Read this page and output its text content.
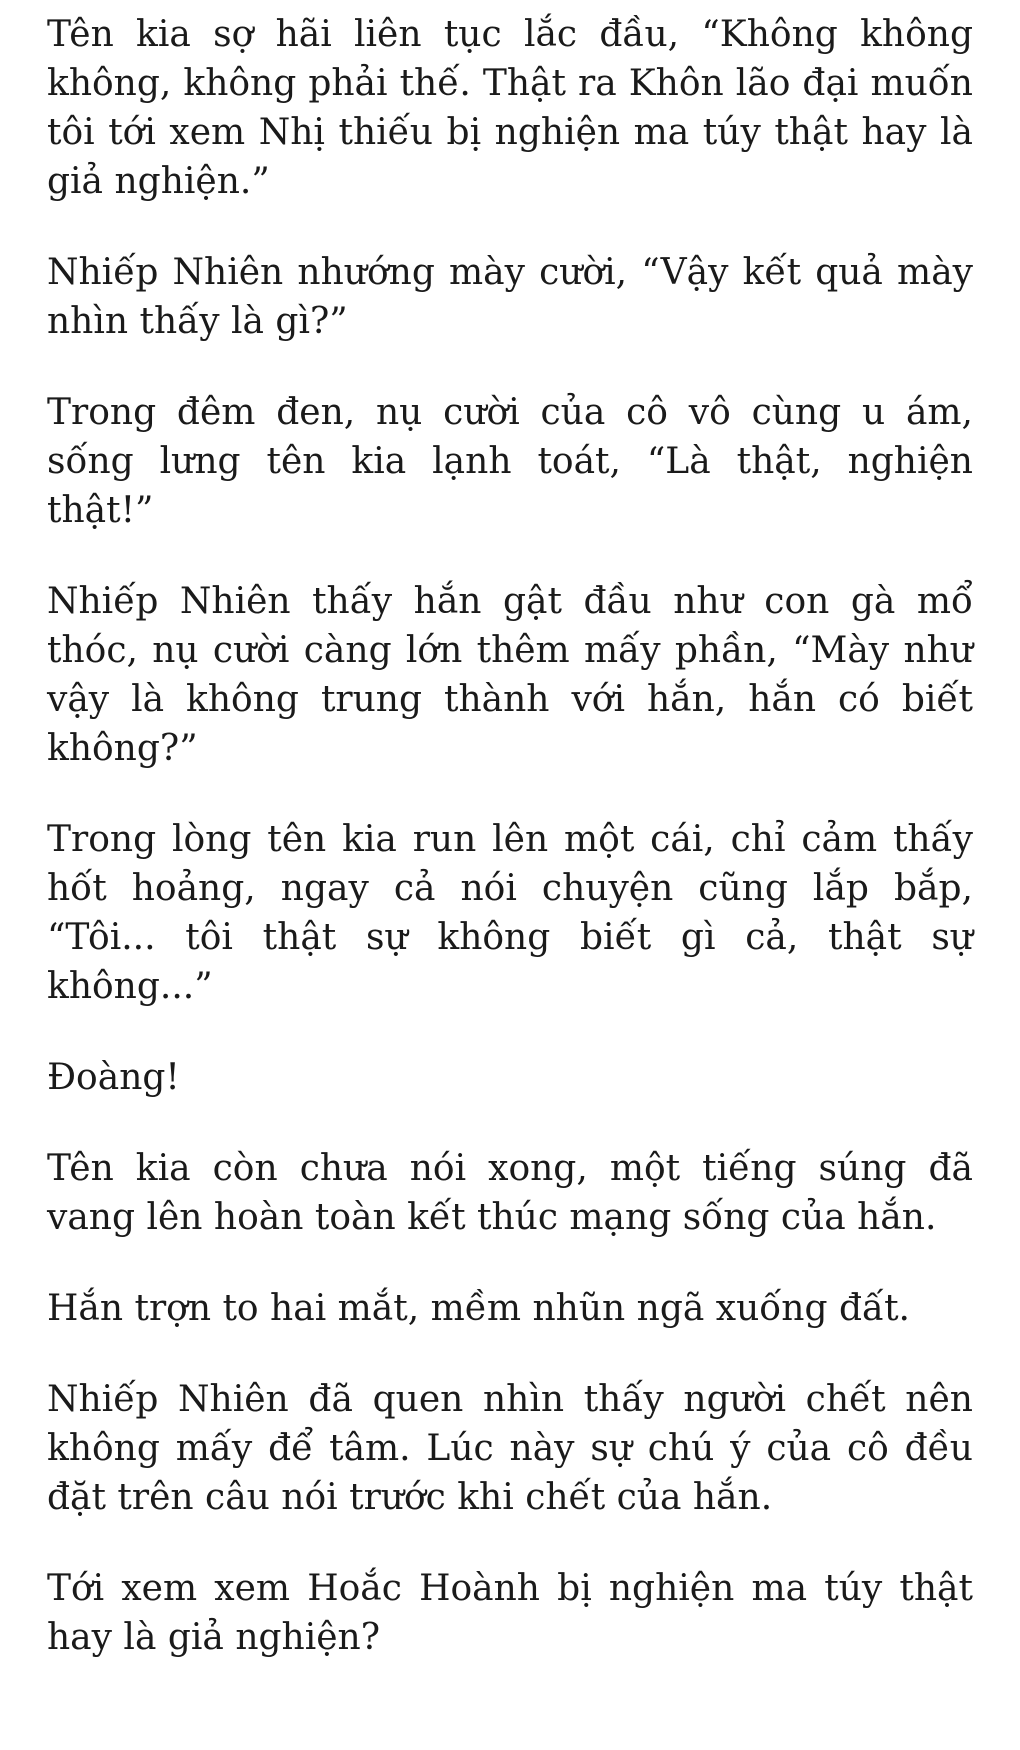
Tên kia sợ hãi liên tục lắc đầu, “Không không không, không phải thế. Thật ra Khôn lão đại muốn tôi tới xem Nhị thiếu bị nghiện ma túy thật hay là giả nghiện.”

Nhiếp Nhiên nhướng mày cười, “Vậy kết quả mày nhìn thấy là gì?”

Trong đêm đen, nụ cười của cô vô cùng u ám, sống lưng tên kia lạnh toát, “Là thật, nghiện thật!”

Nhiếp Nhiên thấy hắn gật đầu như con gà mổ thóc, nụ cười càng lớn thêm mấy phần, “Mày như vậy là không trung thành với hắn, hắn có biết không?”

Trong lòng tên kia run lên một cái, chỉ cảm thấy hốt hoảng, ngay cả nói chuyện cũng lắp bắp, “Tôi... tôi thật sự không biết gì cả, thật sự không...”

Đoàng!

Tên kia còn chưa nói xong, một tiếng súng đã vang lên hoàn toàn kết thúc mạng sống của hắn.

Hắn trợn to hai mắt, mềm nhũn ngã xuống đất.

Nhiếp Nhiên đã quen nhìn thấy người chết nên không mấy để tâm. Lúc này sự chú ý của cô đều đặt trên câu nói trước khi chết của hắn.

Tới xem xem Hoắc Hoành bị nghiện ma túy thật hay là giả nghiện?
